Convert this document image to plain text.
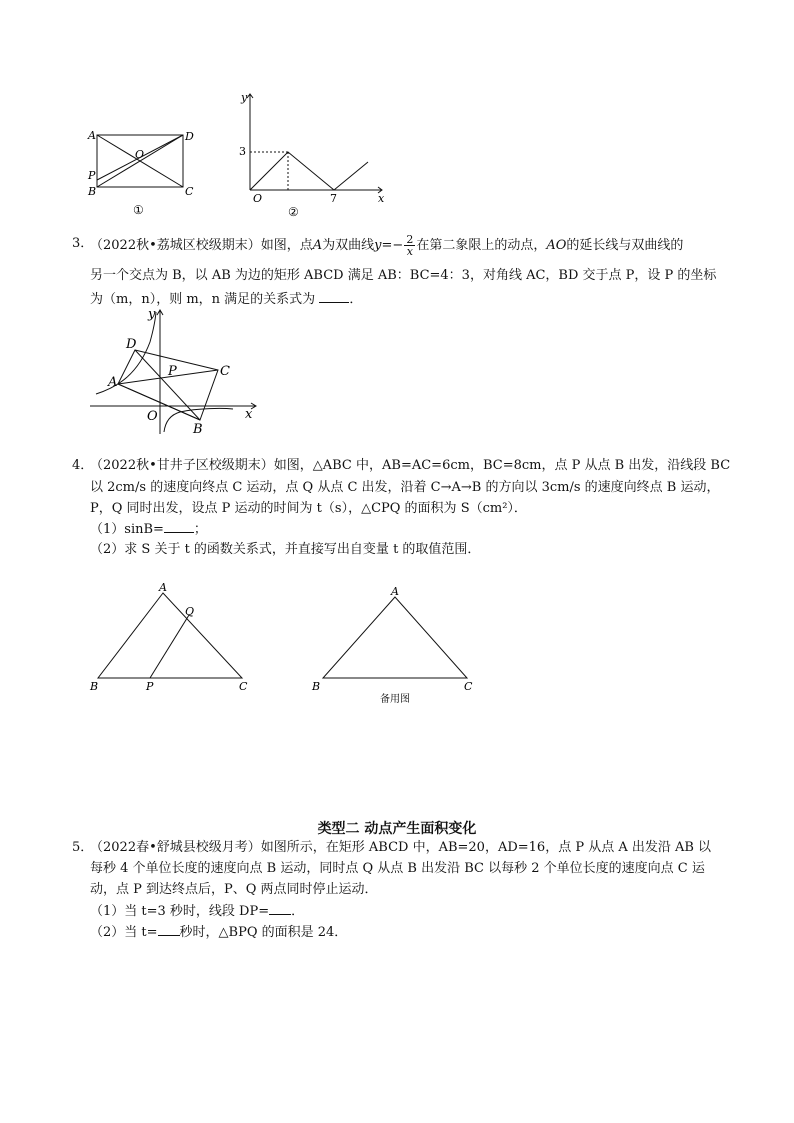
A	D
O
P
B	C
①
y
x
O
3
7
②
3．
（2022秋•荔城区校级期末）如图，点A为双曲线$y=- \frac{2}{x}$ 在第二象限上的动点，AO的延长线与双曲线的
另一个交点为 B，以 AB 为边的矩形 ABCD 满足 AB：BC=4：3，对角线 AC，BD 交于点 P，设 P 的坐标
为（m，n），则 m，n 满足的关系式为	．
y
x
D
A
P	C
O
B
4．
（2022秋•甘井子区校级期末）如图，△ABC 中，AB=AC=6cm，BC=8cm，点 P 从点 B 出发，沿线段 BC
以 2cm/s 的速度向终点 C 运动，点 Q 从点 C 出发，沿着 C→A→B 的方向以 3cm/s 的速度向终点 B 运动，
P，Q 同时出发，设点 P 运动的时间为 t（s），△CPQ 的面积为 S（cm²）．
（1）sinB= ；
（2）求 S 关于 t 的函数关系式，并直接写出自变量 t 的取值范围．
A
Q
B	P	C
A
B	C
备用图
类型二 动点产生面积变化
5．
（2022春•舒城县校级月考）如图所示，在矩形 ABCD 中，AB=20，AD=16，点 P 从点 A 出发沿 AB 以
每秒 4 个单位长度的速度向点 B 运动，同时点 Q 从点 B 出发沿 BC 以每秒 2 个单位长度的速度向点 C 运
动，点 P 到达终点后，P、Q 两点同时停止运动．
（1）当 t=3 秒时，线段 DP= ．
（2）当 t= 秒时，△BPQ 的面积是 24．
